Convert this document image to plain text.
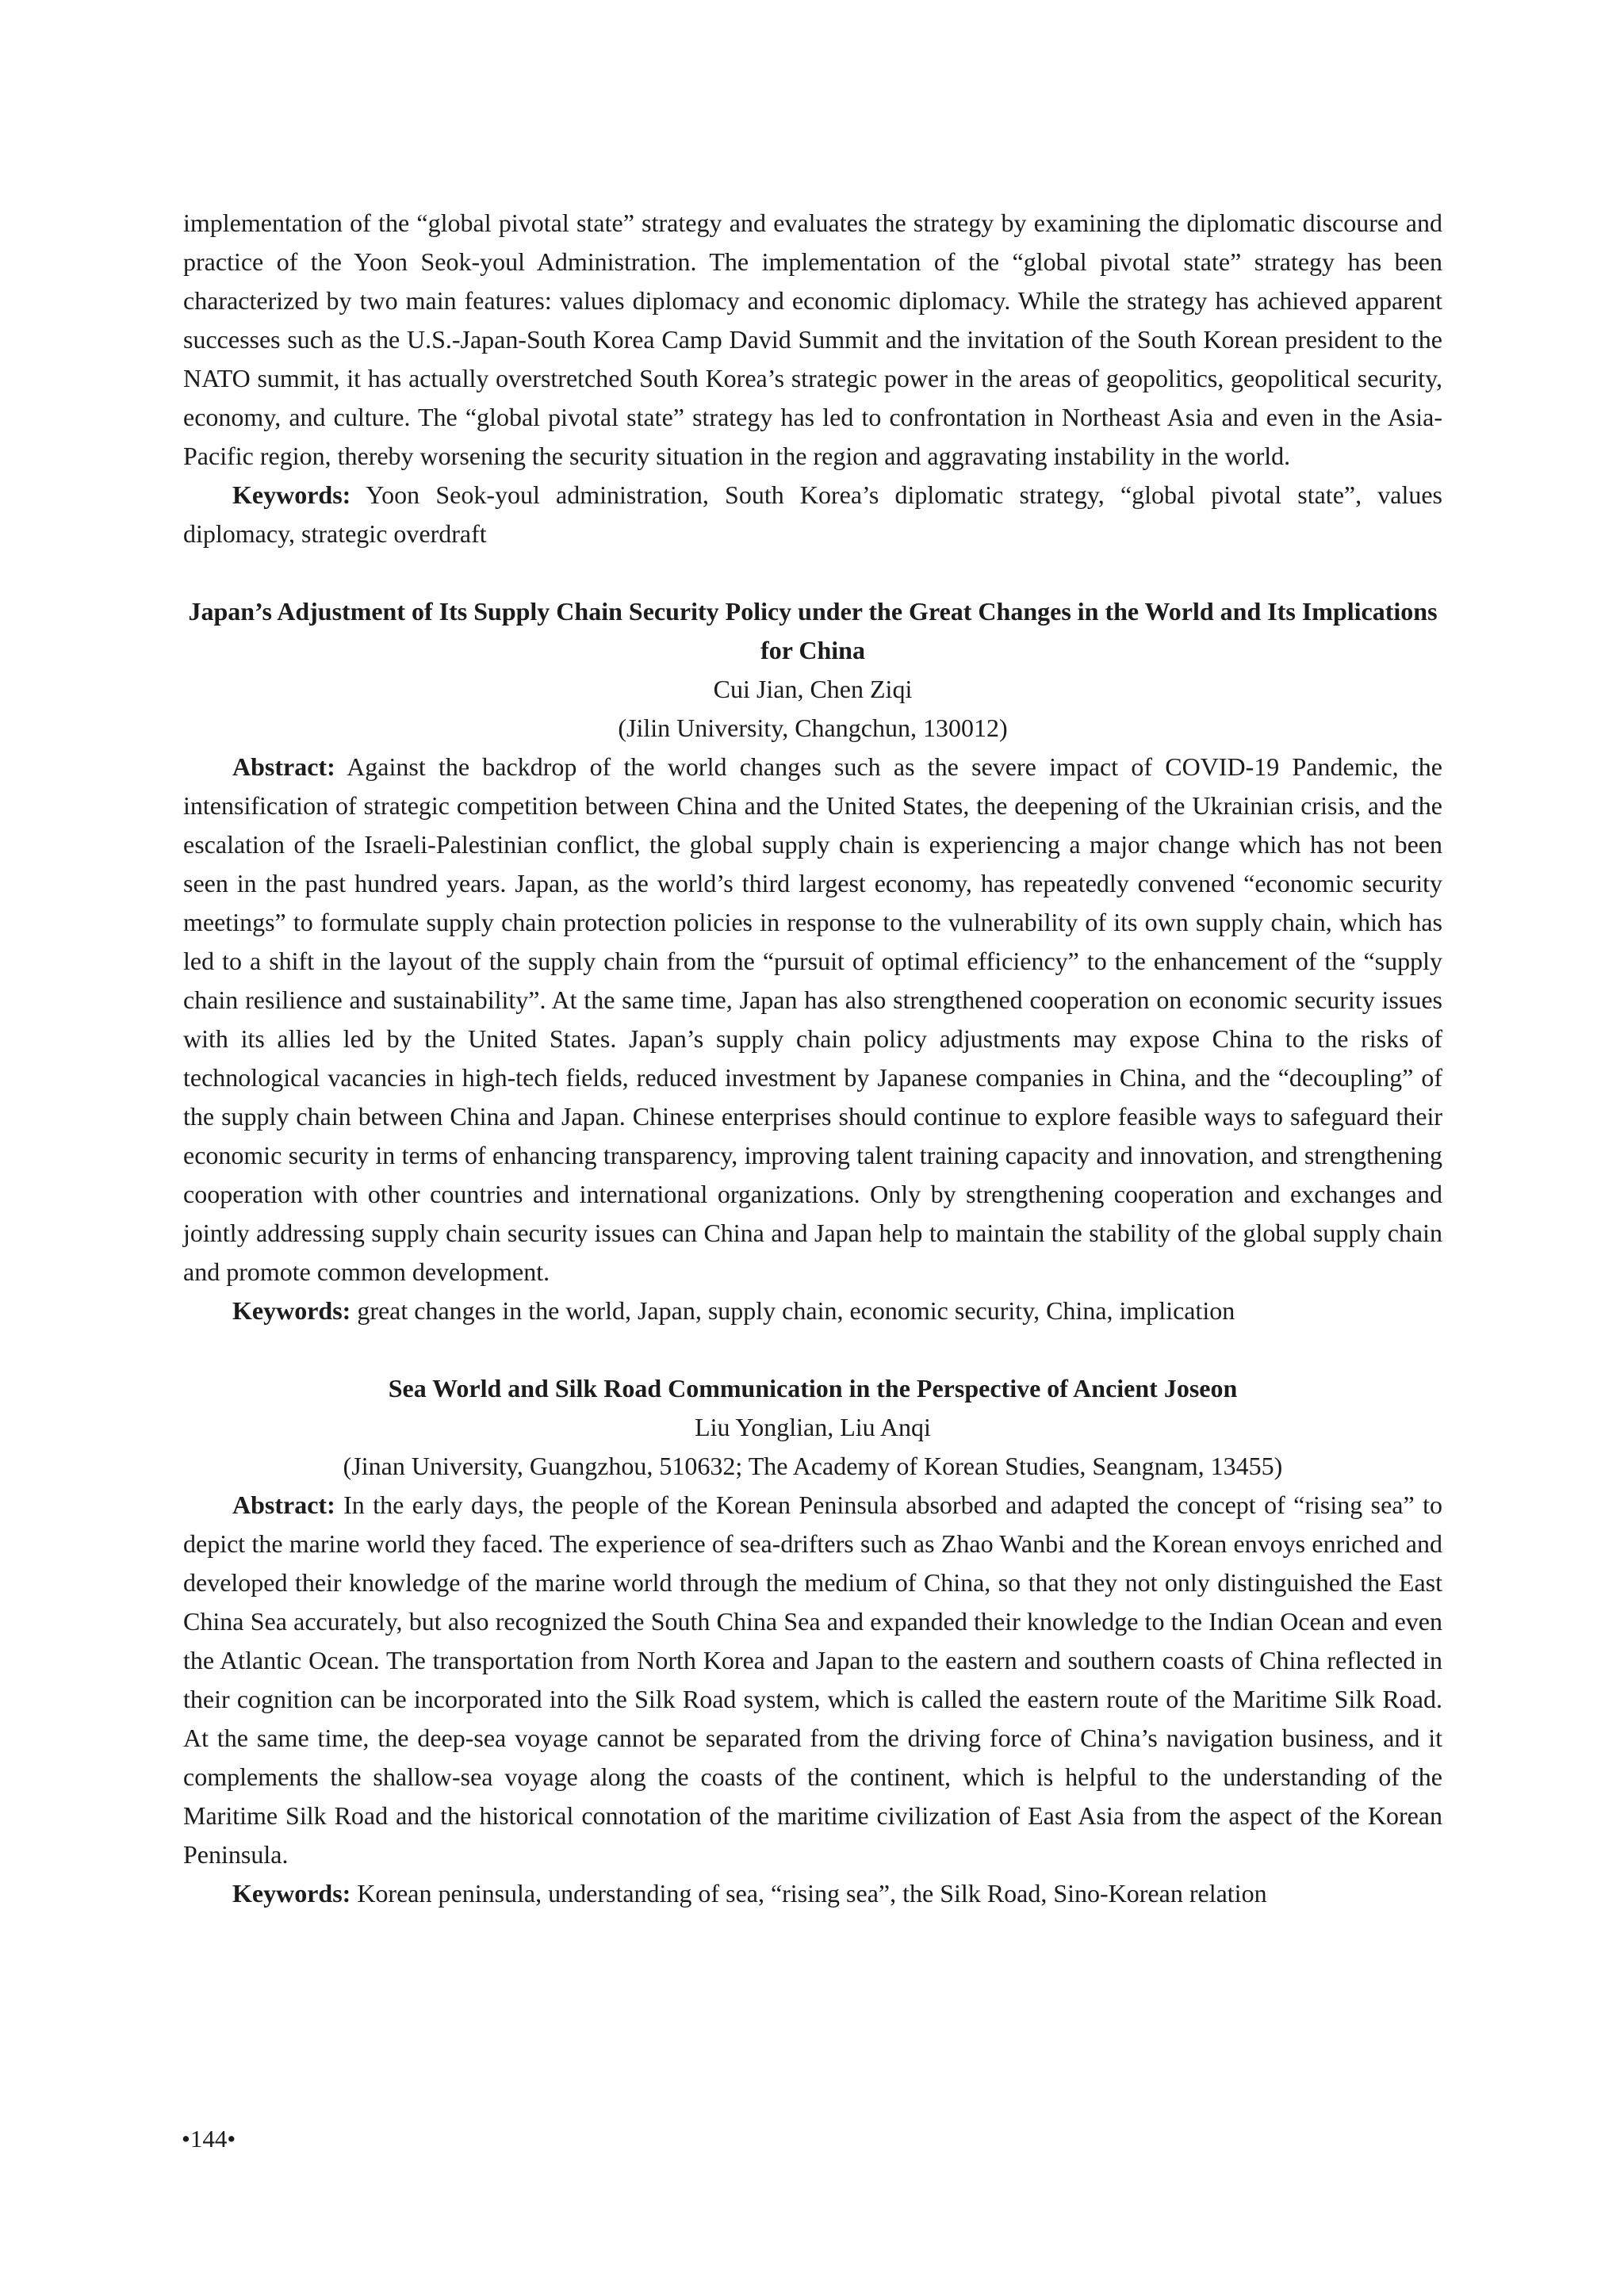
implementation of the “global pivotal state” strategy and evaluates the strategy by examining the diplomatic discourse and practice of the Yoon Seok-youl Administration. The implementation of the “global pivotal state” strategy has been characterized by two main features: values diplomacy and economic diplomacy. While the strategy has achieved apparent successes such as the U.S.-Japan-South Korea Camp David Summit and the invitation of the South Korean president to the NATO summit, it has actually overstretched South Korea’s strategic power in the areas of geopolitics, geopolitical security, economy, and culture. The “global pivotal state” strategy has led to confrontation in Northeast Asia and even in the Asia-Pacific region, thereby worsening the security situation in the region and aggravating instability in the world.

Keywords: Yoon Seok-youl administration, South Korea’s diplomatic strategy, “global pivotal state”, values diplomacy, strategic overdraft

Japan’s Adjustment of Its Supply Chain Security Policy under the Great Changes in the World and Its Implications for China

Cui Jian, Chen Ziqi

(Jilin University, Changchun, 130012)

Abstract: Against the backdrop of the world changes such as the severe impact of COVID-19 Pandemic, the intensification of strategic competition between China and the United States, the deepening of the Ukrainian crisis, and the escalation of the Israeli-Palestinian conflict, the global supply chain is experiencing a major change which has not been seen in the past hundred years. Japan, as the world’s third largest economy, has repeatedly convened “economic security meetings” to formulate supply chain protection policies in response to the vulnerability of its own supply chain, which has led to a shift in the layout of the supply chain from the “pursuit of optimal efficiency” to the enhancement of the “supply chain resilience and sustainability”. At the same time, Japan has also strengthened cooperation on economic security issues with its allies led by the United States. Japan’s supply chain policy adjustments may expose China to the risks of technological vacancies in high-tech fields, reduced investment by Japanese companies in China, and the “decoupling” of the supply chain between China and Japan. Chinese enterprises should continue to explore feasible ways to safeguard their economic security in terms of enhancing transparency, improving talent training capacity and innovation, and strengthening cooperation with other countries and international organizations. Only by strengthening cooperation and exchanges and jointly addressing supply chain security issues can China and Japan help to maintain the stability of the global supply chain and promote common development.

Keywords: great changes in the world, Japan, supply chain, economic security, China, implication

Sea World and Silk Road Communication in the Perspective of Ancient Joseon

Liu Yonglian, Liu Anqi

(Jinan University, Guangzhou, 510632; The Academy of Korean Studies, Seangnam, 13455)

Abstract: In the early days, the people of the Korean Peninsula absorbed and adapted the concept of “rising sea” to depict the marine world they faced. The experience of sea-drifters such as Zhao Wanbi and the Korean envoys enriched and developed their knowledge of the marine world through the medium of China, so that they not only distinguished the East China Sea accurately, but also recognized the South China Sea and expanded their knowledge to the Indian Ocean and even the Atlantic Ocean. The transportation from North Korea and Japan to the eastern and southern coasts of China reflected in their cognition can be incorporated into the Silk Road system, which is called the eastern route of the Maritime Silk Road. At the same time, the deep-sea voyage cannot be separated from the driving force of China’s navigation business, and it complements the shallow-sea voyage along the coasts of the continent, which is helpful to the understanding of the Maritime Silk Road and the historical connotation of the maritime civilization of East Asia from the aspect of the Korean Peninsula.

Keywords: Korean peninsula, understanding of sea, “rising sea”, the Silk Road, Sino-Korean relation

•144•
